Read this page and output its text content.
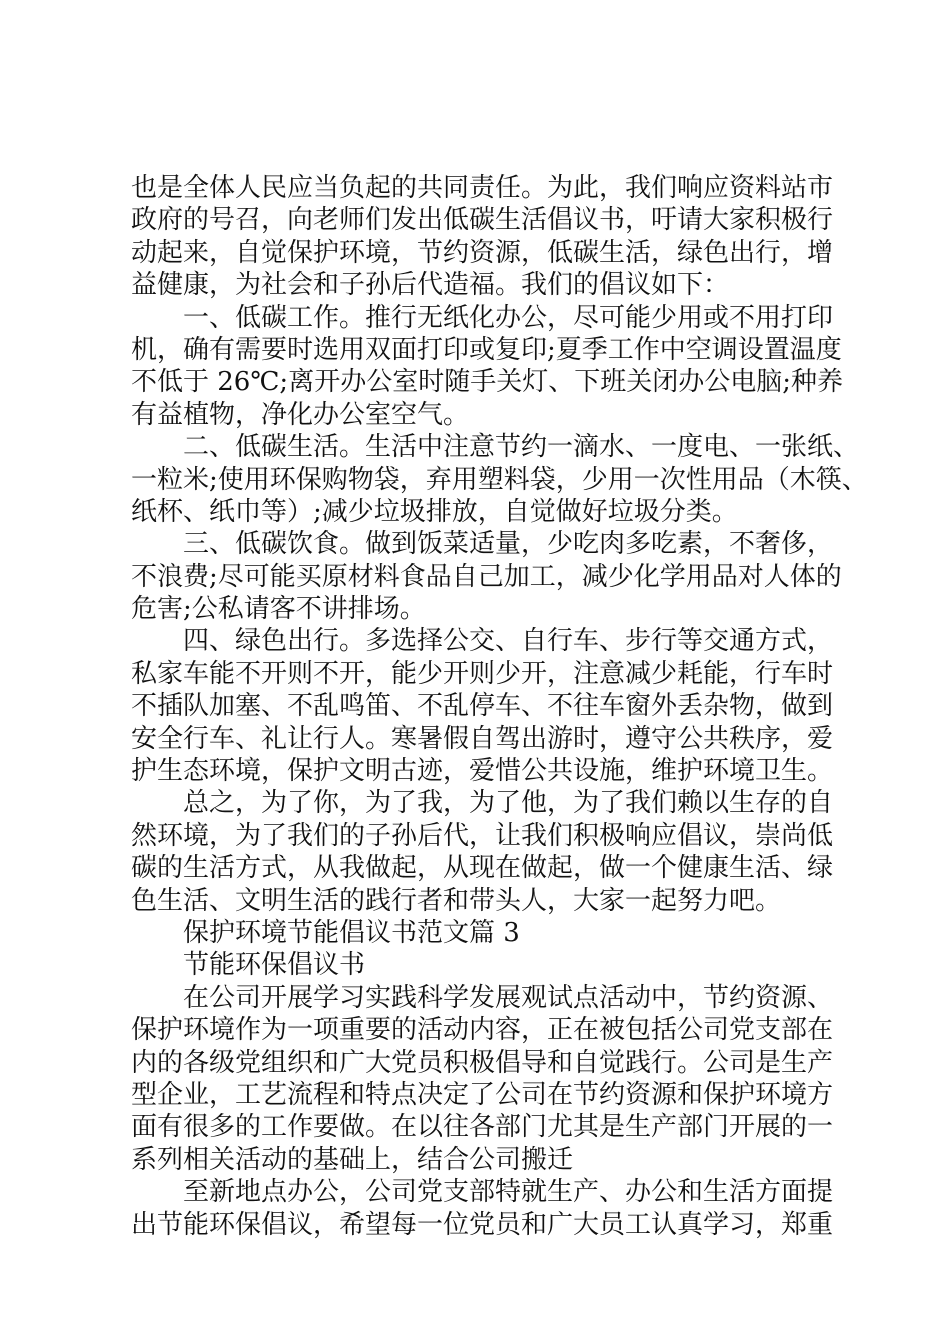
也是全体人民应当负起的共同责任。为此，我们响应资料站市
政府的号召，向老师们发出低碳生活倡议书，吁请大家积极行
动起来，自觉保护环境，节约资源，低碳生活，绿色出行，增
益健康，为社会和子孙后代造福。我们的倡议如下：
一、低碳工作。推行无纸化办公，尽可能少用或不用打印
机，确有需要时选用双面打印或复印;夏季工作中空调设置温度
不低于 26℃;离开办公室时随手关灯、下班关闭办公电脑;种养
有益植物，净化办公室空气。
二、低碳生活。生活中注意节约一滴水、一度电、一张纸、
一粒米;使用环保购物袋，弃用塑料袋，少用一次性用品（木筷、
纸杯、纸巾等）;减少垃圾排放，自觉做好垃圾分类。
三、低碳饮食。做到饭菜适量，少吃肉多吃素，不奢侈，
不浪费;尽可能买原材料食品自己加工，减少化学用品对人体的
危害;公私请客不讲排场。
四、绿色出行。多选择公交、自行车、步行等交通方式，
私家车能不开则不开，能少开则少开，注意减少耗能，行车时
不插队加塞、不乱鸣笛、不乱停车、不往车窗外丢杂物，做到
安全行车、礼让行人。寒暑假自驾出游时，遵守公共秩序，爱
护生态环境，保护文明古迹，爱惜公共设施，维护环境卫生。
总之，为了你，为了我，为了他，为了我们赖以生存的自
然环境，为了我们的子孙后代，让我们积极响应倡议，崇尚低
碳的生活方式，从我做起，从现在做起，做一个健康生活、绿
色生活、文明生活的践行者和带头人，大家一起努力吧。
保护环境节能倡议书范文篇 3
节能环保倡议书
在公司开展学习实践科学发展观试点活动中，节约资源、
保护环境作为一项重要的活动内容，正在被包括公司党支部在
内的各级党组织和广大党员积极倡导和自觉践行。公司是生产
型企业，工艺流程和特点决定了公司在节约资源和保护环境方
面有很多的工作要做。在以往各部门尤其是生产部门开展的一
系列相关活动的基础上，结合公司搬迁
至新地点办公，公司党支部特就生产、办公和生活方面提
出节能环保倡议，希望每一位党员和广大员工认真学习，郑重
